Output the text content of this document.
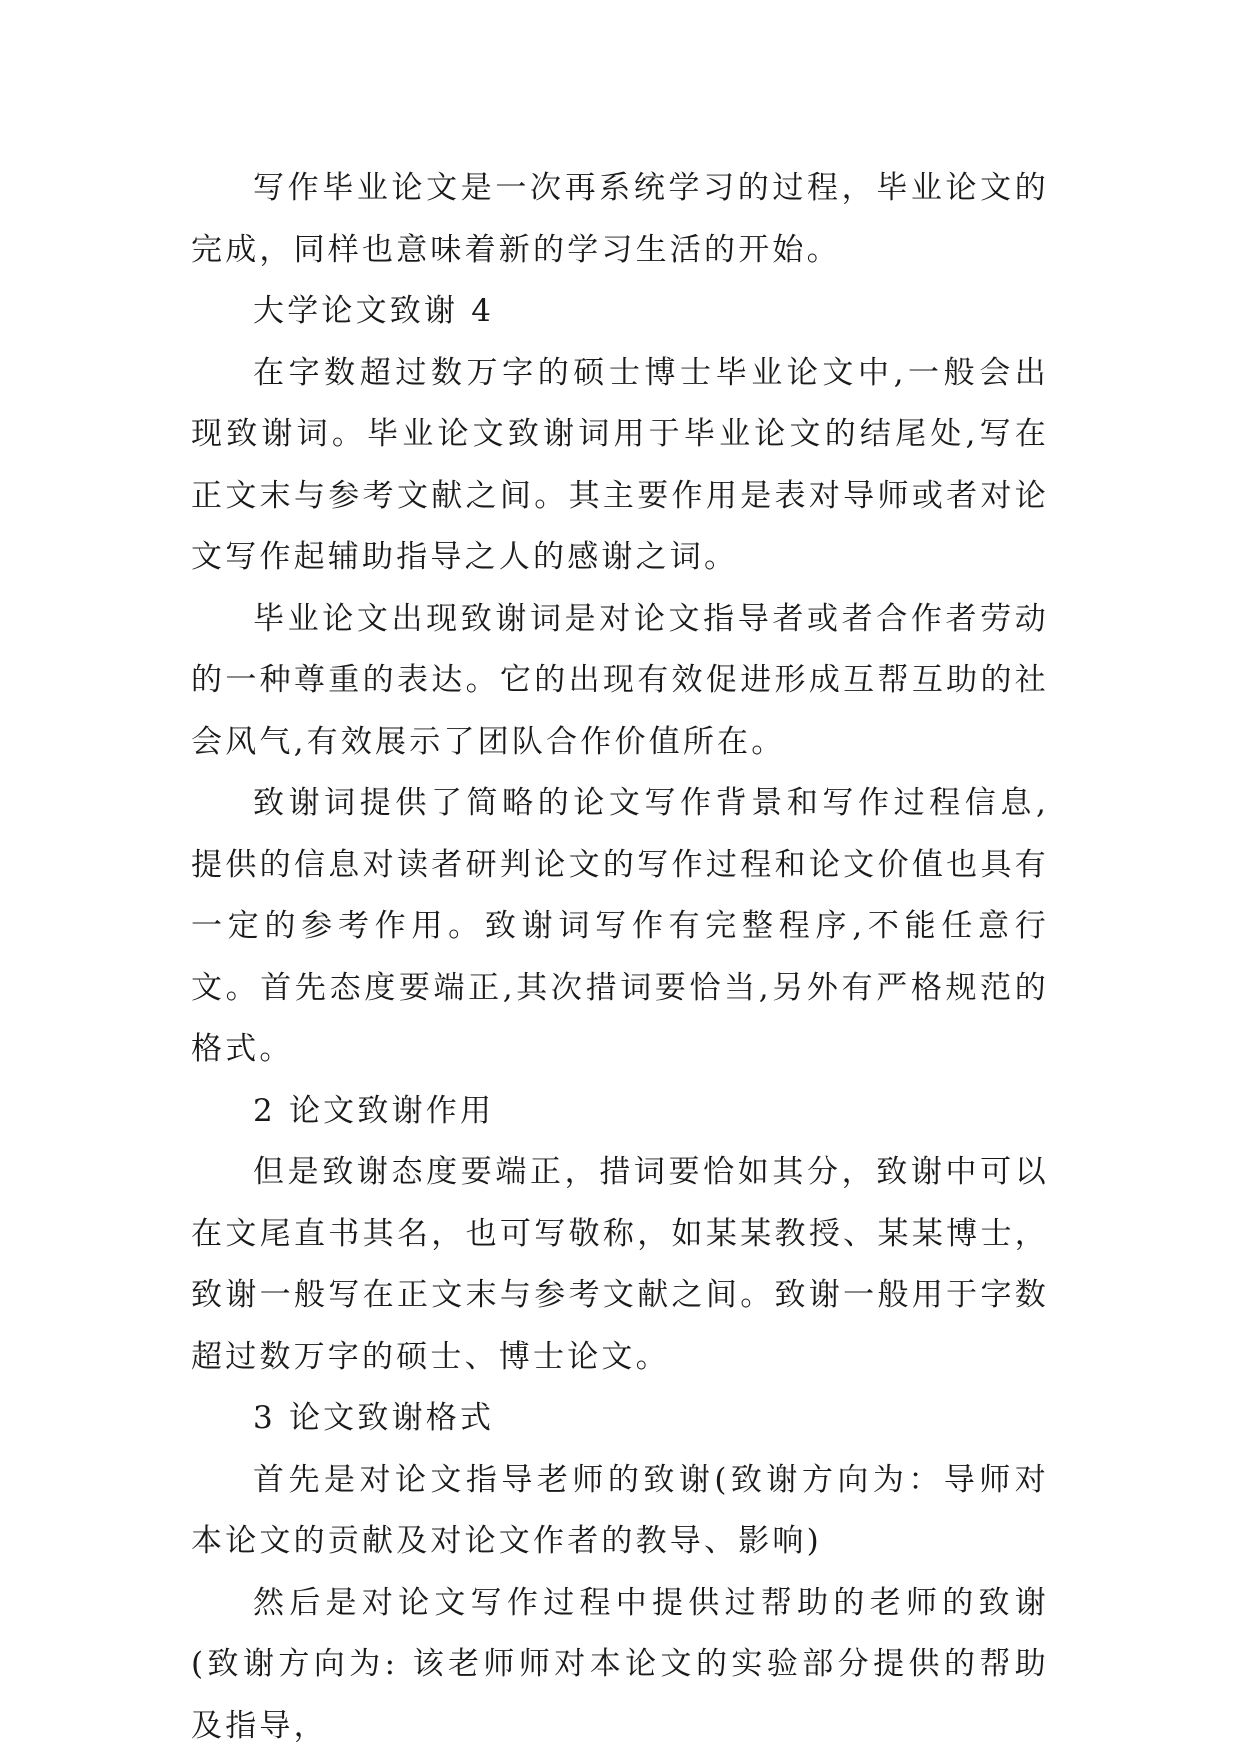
写作毕业论文是一次再系统学习的过程，毕业论文的完成，同样也意味着新的学习生活的开始。

大学论文致谢 4

在字数超过数万字的硕士博士毕业论文中,一般会出现致谢词。毕业论文致谢词用于毕业论文的结尾处,写在正文末与参考文献之间。其主要作用是表对导师或者对论文写作起辅助指导之人的感谢之词。

毕业论文出现致谢词是对论文指导者或者合作者劳动的一种尊重的表达。它的出现有效促进形成互帮互助的社会风气,有效展示了团队合作价值所在。

致谢词提供了简略的论文写作背景和写作过程信息,提供的信息对读者研判论文的写作过程和论文价值也具有一定的参考作用。致谢词写作有完整程序,不能任意行文。首先态度要端正,其次措词要恰当,另外有严格规范的格式。

2 论文致谢作用

但是致谢态度要端正，措词要恰如其分，致谢中可以在文尾直书其名，也可写敬称，如某某教授、某某博士，致谢一般写在正文末与参考文献之间。致谢一般用于字数超过数万字的硕士、博士论文。

3 论文致谢格式

首先是对论文指导老师的致谢(致谢方向为：导师对本论文的贡献及对论文作者的教导、影响)

然后是对论文写作过程中提供过帮助的老师的致谢(致谢方向为: 该老师师对本论文的实验部分提供的帮助及指导，
